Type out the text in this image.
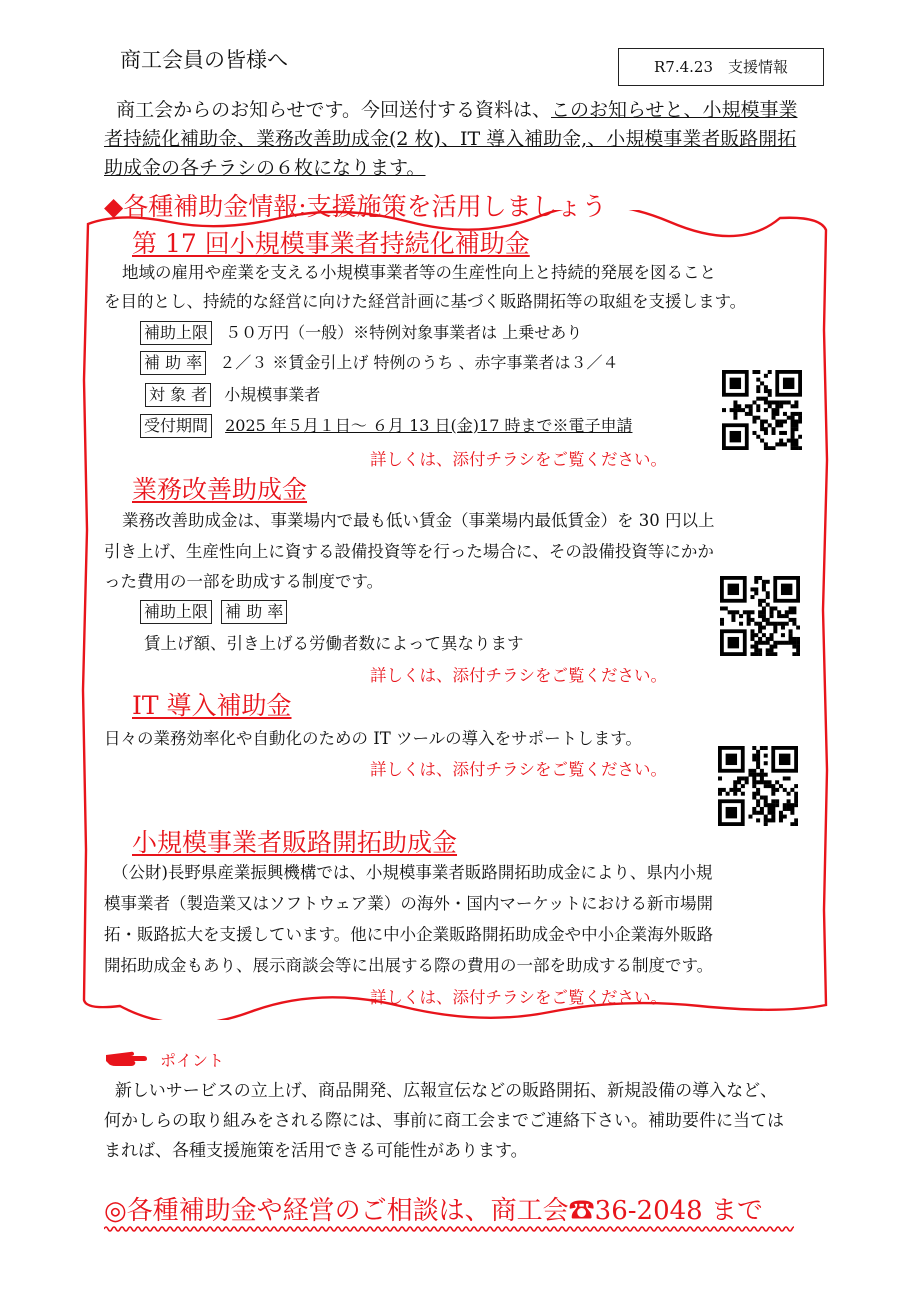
商工会員の皆様へ	R7.4.23　支援情報
商工会からのお知らせです。今回送付する資料は、このお知らせと、小規模事業者持続化補助金、業務改善助成金(2 枚)、IT 導入補助金,、小規模事業者販路開拓助成金の各チラシの６枚になります。
◆各種補助金情報:支援施策を活用しましょう
第 17 回小規模事業者持続化補助金
地域の雇用や産業を支える小規模事業者等の生産性向上と持続的発展を図ること
を目的とし、持続的な経営に向けた経営計画に基づく販路開拓等の取組を支援します。
補助上限 ５０万円（一般）※特例対象事業者は 上乗せあり
補 助 率 ２／３ ※賃金引上げ 特例のうち 、赤字事業者は３／４
対 象 者 小規模事業者
受付期間 2025 年５月１日～ ６月 13 日(金)17 時まで※電子申請
詳しくは、添付チラシをご覧ください。
業務改善助成金
業務改善助成金は、事業場内で最も低い賃金（事業場内最低賃金）を 30 円以上
引き上げ、生産性向上に資する設備投資等を行った場合に、その設備投資等にかか
った費用の一部を助成する制度です。
補助上限 補 助 率
賃上げ額、引き上げる労働者数によって異なります
詳しくは、添付チラシをご覧ください。
IT 導入補助金
日々の業務効率化や自動化のための IT ツールの導入をサポートします。
詳しくは、添付チラシをご覧ください。
小規模事業者販路開拓助成金
（公財)長野県産業振興機構では、小規模事業者販路開拓助成金により、県内小規
模事業者（製造業又はソフトウェア業）の海外・国内マーケットにおける新市場開
拓・販路拡大を支援しています。他に中小企業販路開拓助成金や中小企業海外販路
開拓助成金もあり、展示商談会等に出展する際の費用の一部を助成する制度です。
詳しくは、添付チラシをご覧ください。
ポイント
新しいサービスの立上げ、商品開発、広報宣伝などの販路開拓、新規設備の導入など、何かしらの取り組みをされる際には、事前に商工会までご連絡下さい。補助要件に当てはまれば、各種支援施策を活用できる可能性があります。
◎各種補助金や経営のご相談は、商工会☎36-2048 まで
